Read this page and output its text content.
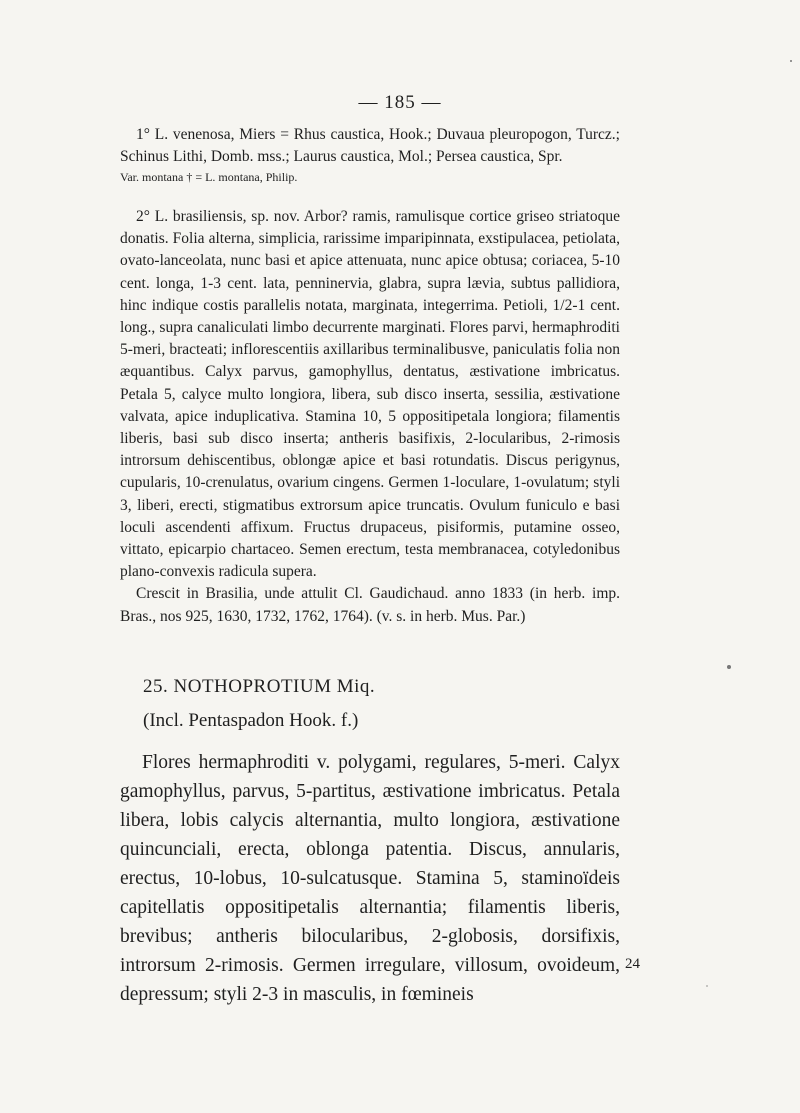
— 185 —

1° L. venenosa, Miers = Rhus caustica, Hook.; Duvaua pleuropogon, Turcz.; Schinus Lithi, Domb. mss.; Laurus caustica, Mol.; Persea caustica, Spr.

Var. montana † = L. montana, Philip.

2° L. brasiliensis, sp. nov. Arbor? ramis, ramulisque cortice griseo striatoque donatis. Folia alterna, simplicia, rarissime imparipinnata, exstipulacea, petiolata, ovato-lanceolata, nunc basi et apice attenuata, nunc apice obtusa; coriacea, 5-10 cent. longa, 1-3 cent. lata, penninervia, glabra, supra lævia, subtus pallidiora, hinc indique costis parallelis notata, marginata, integerrima. Petioli, 1/2-1 cent. long., supra canaliculati limbo decurrente marginati. Flores parvi, hermaphroditi 5-meri, bracteati; inflorescentiis axillaribus terminalibusve, paniculatis folia non æquantibus. Calyx parvus, gamophyllus, dentatus, æstivatione imbricatus. Petala 5, calyce multo longiora, libera, sub disco inserta, sessilia, æstivatione valvata, apice induplicativa. Stamina 10, 5 oppositipetala longiora; filamentis liberis, basi sub disco inserta; antheris basifixis, 2-locularibus, 2-rimosis introrsum dehiscentibus, oblongæ apice et basi rotundatis. Discus perigynus, cupularis, 10-crenulatus, ovarium cingens. Germen 1-loculare, 1-ovulatum; styli 3, liberi, erecti, stigmatibus extrorsum apice truncatis. Ovulum funiculo e basi loculi ascendenti affixum. Fructus drupaceus, pisiformis, putamine osseo, vittato, epicarpio chartaceo. Semen erectum, testa membranacea, cotyledonibus plano-convexis radicula supera.

Crescit in Brasilia, unde attulit Cl. Gaudichaud. anno 1833 (in herb. imp. Bras., nos 925, 1630, 1732, 1762, 1764). (v. s. in herb. Mus. Par.)

25. NOTHOPROTIUM Miq.
(Incl. Pentaspadon Hook. f.)

Flores hermaphroditi v. polygami, regulares, 5-meri. Calyx gamophyllus, parvus, 5-partitus, æstivatione imbricatus. Petala libera, lobis calycis alternantia, multo longiora, æstivatione quincunciali, erecta, oblonga patentia. Discus, annularis, erectus, 10-lobus, 10-sulcatusque. Stamina 5, staminoïdeis capitellatis oppositipetalis alternantia; filamentis liberis, brevibus; antheris bilocularibus, 2-globosis, dorsifixis, introrsum 2-rimosis. Germen irregulare, villosum, ovoideum, depressum; styli 2-3 in masculis, in fœmineis

24
